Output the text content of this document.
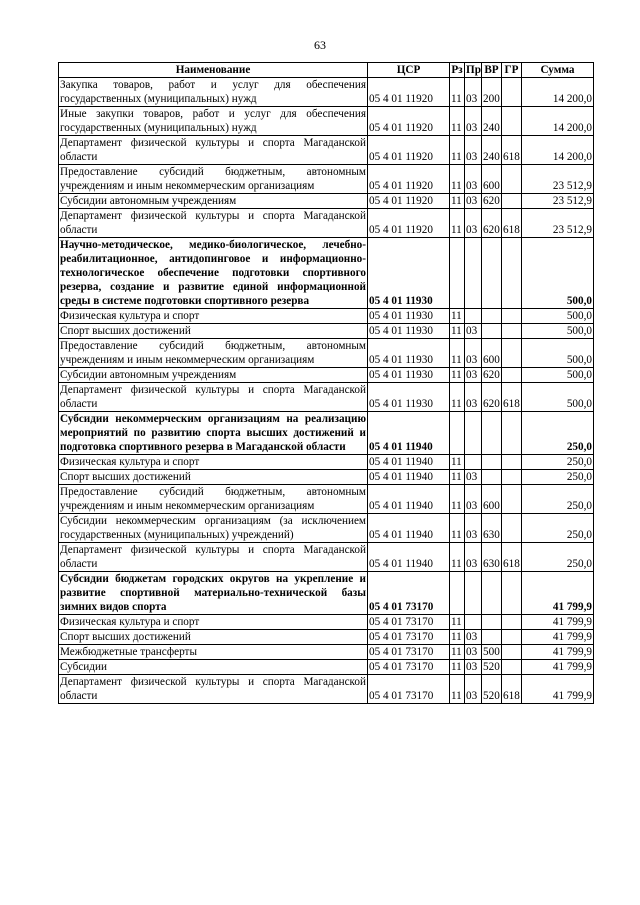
63
Наименование	ЦСР	Рз	Пр	ВР	ГР	Сумма
Закупка товаров, работ и услуг для обеспечения государственных (муниципальных) нужд	05 4 01 11920	11	03	200		14 200,0
Иные закупки товаров, работ и услуг для обеспечения государственных (муниципальных) нужд	05 4 01 11920	11	03	240		14 200,0
Департамент физической культуры и спорта Магаданской области	05 4 01 11920	11	03	240	618	14 200,0
Предоставление субсидий бюджетным, автономным учреждениям и иным некоммерческим организациям	05 4 01 11920	11	03	600		23 512,9
Субсидии автономным учреждениям	05 4 01 11920	11	03	620		23 512,9
Департамент физической культуры и спорта Магаданской области	05 4 01 11920	11	03	620	618	23 512,9
Научно-методическое, медико-биологическое, лечебно-реабилитационное, антидопинговое и информационно-технологическое обеспечение подготовки спортивного резерва, создание и развитие единой информационной среды в системе подготовки спортивного резерва	05 4 01 11930					500,0
Физическая культура и спорт	05 4 01 11930	11				500,0
Спорт высших достижений	05 4 01 11930	11	03			500,0
Предоставление субсидий бюджетным, автономным учреждениям и иным некоммерческим организациям	05 4 01 11930	11	03	600		500,0
Субсидии автономным учреждениям	05 4 01 11930	11	03	620		500,0
Департамент физической культуры и спорта Магаданской области	05 4 01 11930	11	03	620	618	500,0
Субсидии некоммерческим организациям на реализацию мероприятий по развитию спорта высших достижений и подготовка спортивного резерва в Магаданской области	05 4 01 11940					250,0
Физическая культура и спорт	05 4 01 11940	11				250,0
Спорт высших достижений	05 4 01 11940	11	03			250,0
Предоставление субсидий бюджетным, автономным учреждениям и иным некоммерческим организациям	05 4 01 11940	11	03	600		250,0
Субсидии некоммерческим организациям (за исключением государственных (муниципальных) учреждений)	05 4 01 11940	11	03	630		250,0
Департамент физической культуры и спорта Магаданской области	05 4 01 11940	11	03	630	618	250,0
Субсидии бюджетам городских округов на укрепление и развитие спортивной материально-технической базы зимних видов спорта	05 4 01 73170					41 799,9
Физическая культура и спорт	05 4 01 73170	11				41 799,9
Спорт высших достижений	05 4 01 73170	11	03			41 799,9
Межбюджетные трансферты	05 4 01 73170	11	03	500		41 799,9
Субсидии	05 4 01 73170	11	03	520		41 799,9
Департамент физической культуры и спорта Магаданской области	05 4 01 73170	11	03	520	618	41 799,9
